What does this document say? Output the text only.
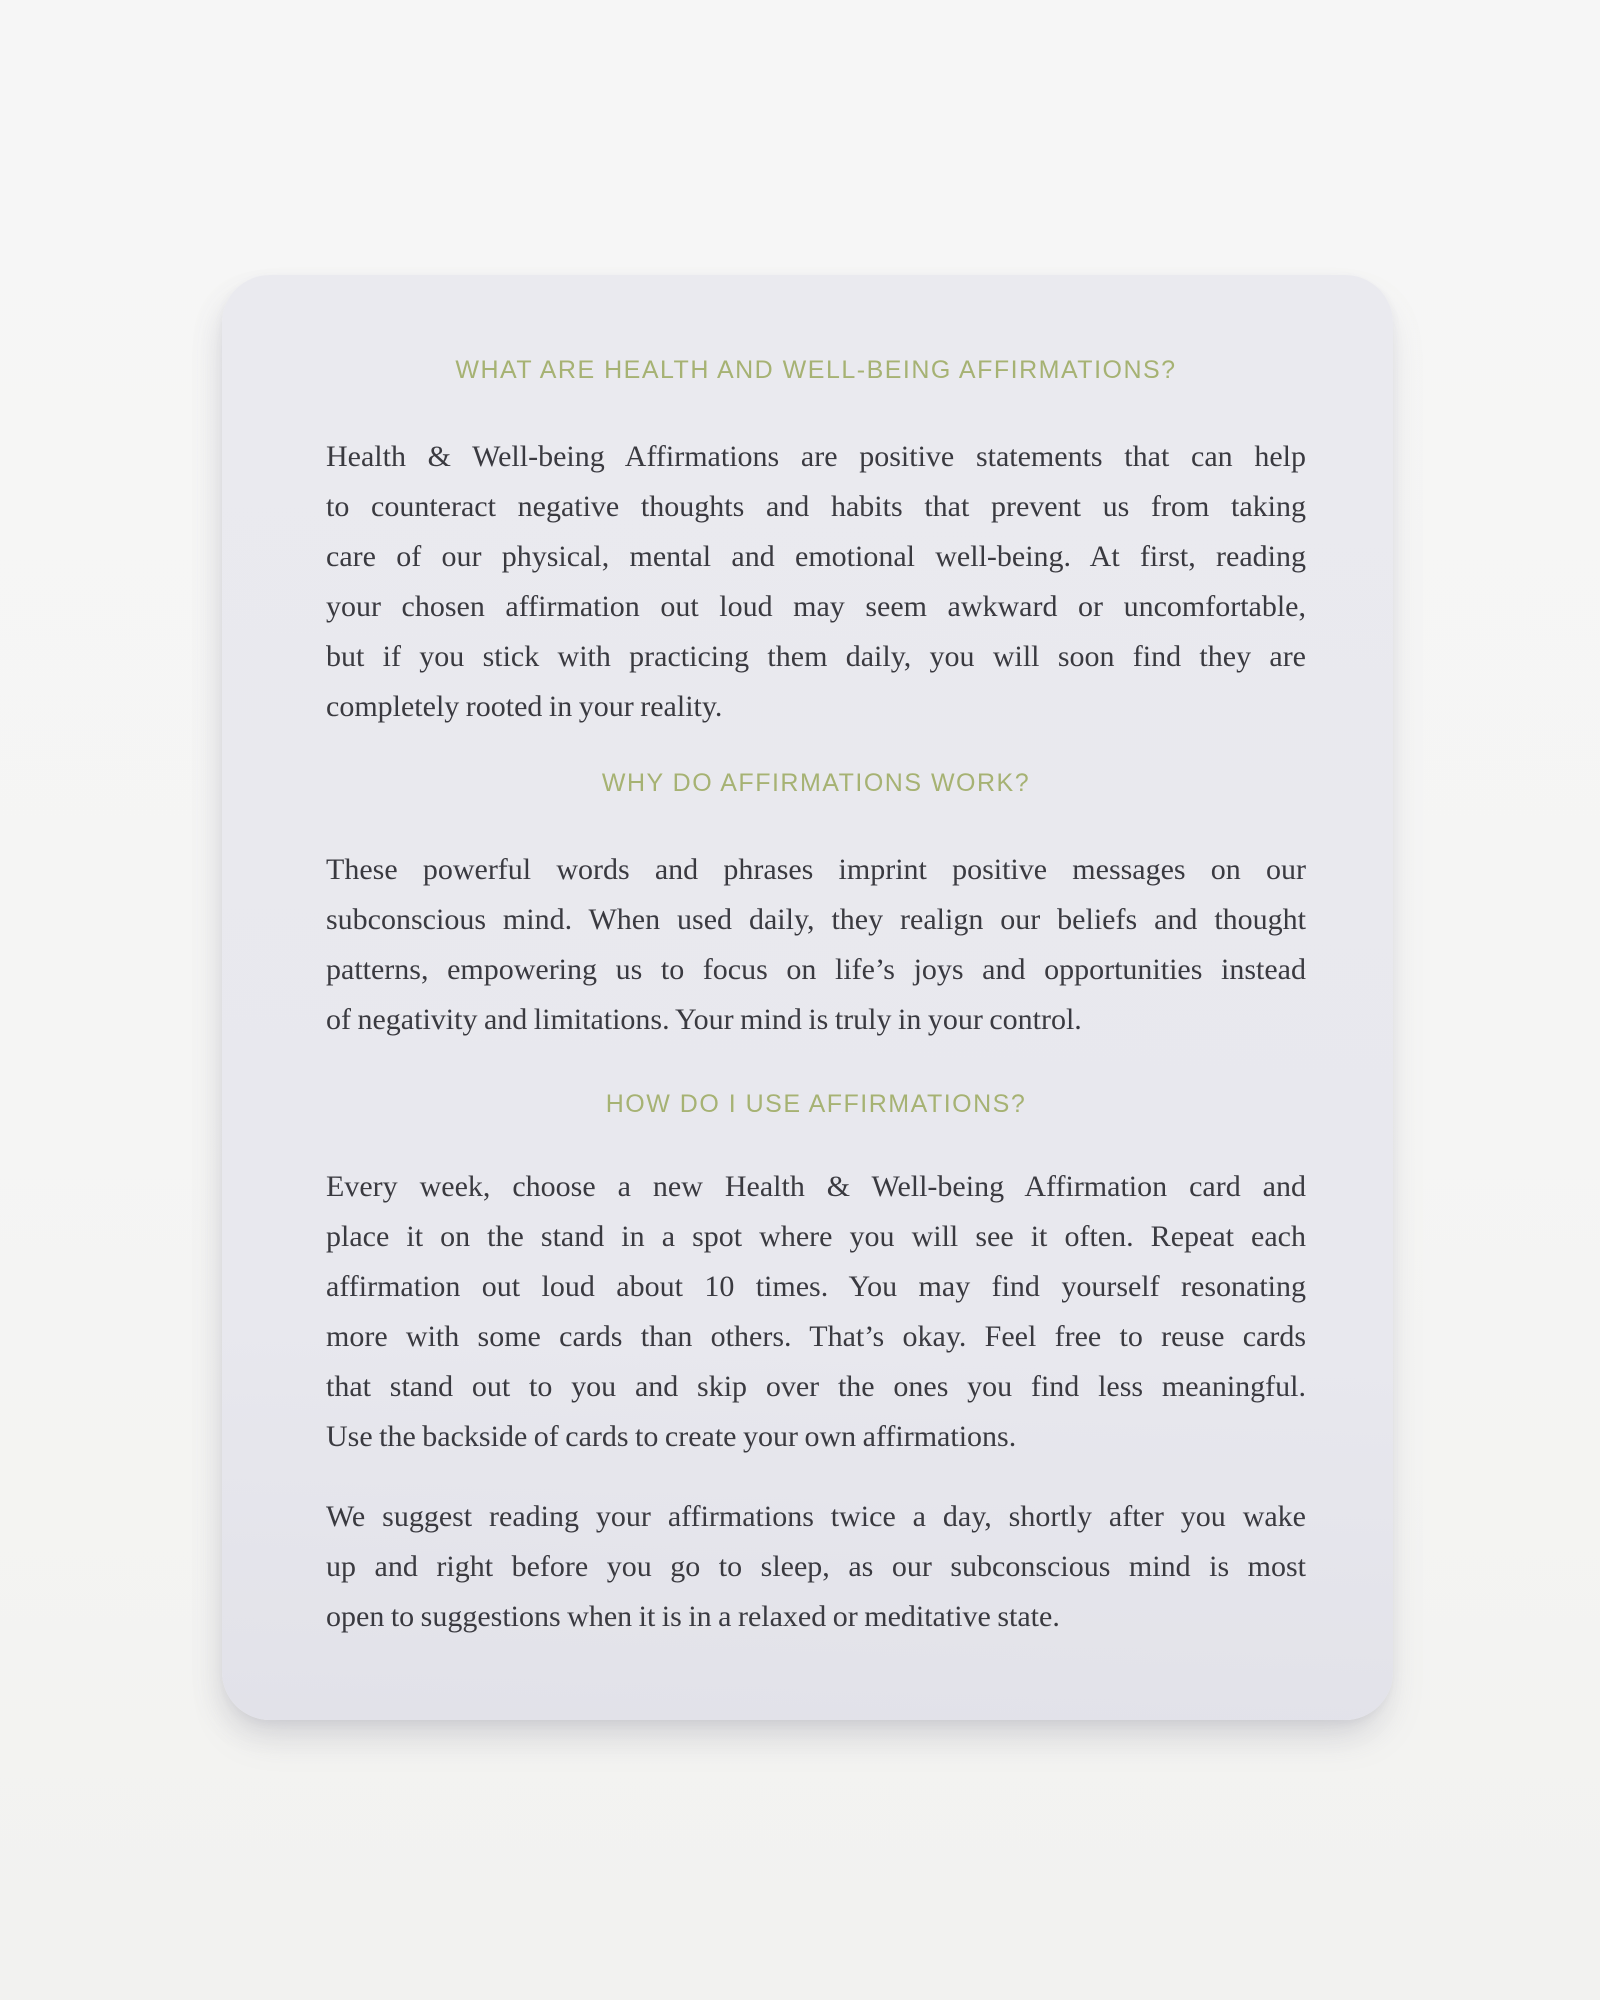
WHAT ARE HEALTH AND WELL-BEING AFFIRMATIONS?
Health & Well-being Affirmations are positive statements that can help
to counteract negative thoughts and habits that prevent us from taking
care of our physical, mental and emotional well-being. At first, reading
your chosen affirmation out loud may seem awkward or uncomfortable,
but if you stick with practicing them daily, you will soon find they are
completely rooted in your reality.
WHY DO AFFIRMATIONS WORK?
These powerful words and phrases imprint positive messages on our
subconscious mind. When used daily, they realign our beliefs and thought
patterns, empowering us to focus on life’s joys and opportunities instead
of negativity and limitations. Your mind is truly in your control.
HOW DO I USE AFFIRMATIONS?
Every week, choose a new Health & Well-being Affirmation card and
place it on the stand in a spot where you will see it often. Repeat each
affirmation out loud about 10 times. You may find yourself resonating
more with some cards than others. That’s okay. Feel free to reuse cards
that stand out to you and skip over the ones you find less meaningful.
Use the backside of cards to create your own affirmations.
We suggest reading your affirmations twice a day, shortly after you wake
up and right before you go to sleep, as our subconscious mind is most
open to suggestions when it is in a relaxed or meditative state.
